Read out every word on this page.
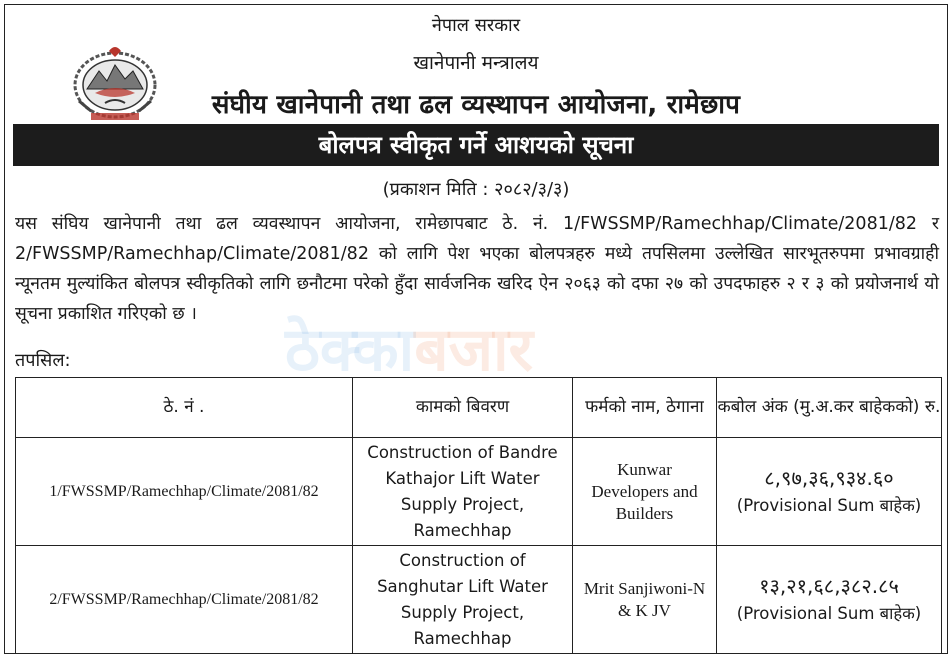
नेपाल सरकार
खानेपानी मन्त्रालय
संघीय खानेपानी तथा ढल व्यस्थापन आयोजना, रामेछाप
बोलपत्र स्वीकृत गर्ने आशयको सूचना
(प्रकाशन मिति : २०८२/३/३)

यस संघिय खानेपानी तथा ढल व्यवस्थापन आयोजना, रामेछापबाट ठे. नं. 1/FWSSMP/Ramechhap/Climate/2081/82 र 2/FWSSMP/Ramechhap/Climate/2081/82 को लागि पेश भएका बोलपत्रहरु मध्ये तपसिलमा उल्लेखित सारभूतरुपमा प्रभावग्राही न्यूनतम मुल्यांकित बोलपत्र स्वीकृतिको लागि छनौटमा परेको हुँदा सार्वजनिक खरिद ऐन २०६३ को दफा २७ को उपदफाहरु २ र ३ को प्रयोजनार्थ यो सूचना प्रकाशित गरिएको छ ।

ठेक्काबजार
तपसिल:
ठे. नं .	कामको बिवरण	फर्मको नाम, ठेगाना	कबोल अंक (मु.अ.कर बाहेकको) रु.
1/FWSSMP/Ramechhap/Climate/2081/82	Construction of Bandre Kathajor Lift Water Supply Project, Ramechhap	Kunwar Developers and Builders	८,९७,३६,९३४.६०
(Provisional Sum बाहेक)

2/FWSSMP/Ramechhap/Climate/2081/82	Construction of Sanghutar Lift Water Supply Project, Ramechhap	Mrit Sanjiwoni-N & K JV	१३,२१,६८,३८२.८५
(Provisional Sum बाहेक)
